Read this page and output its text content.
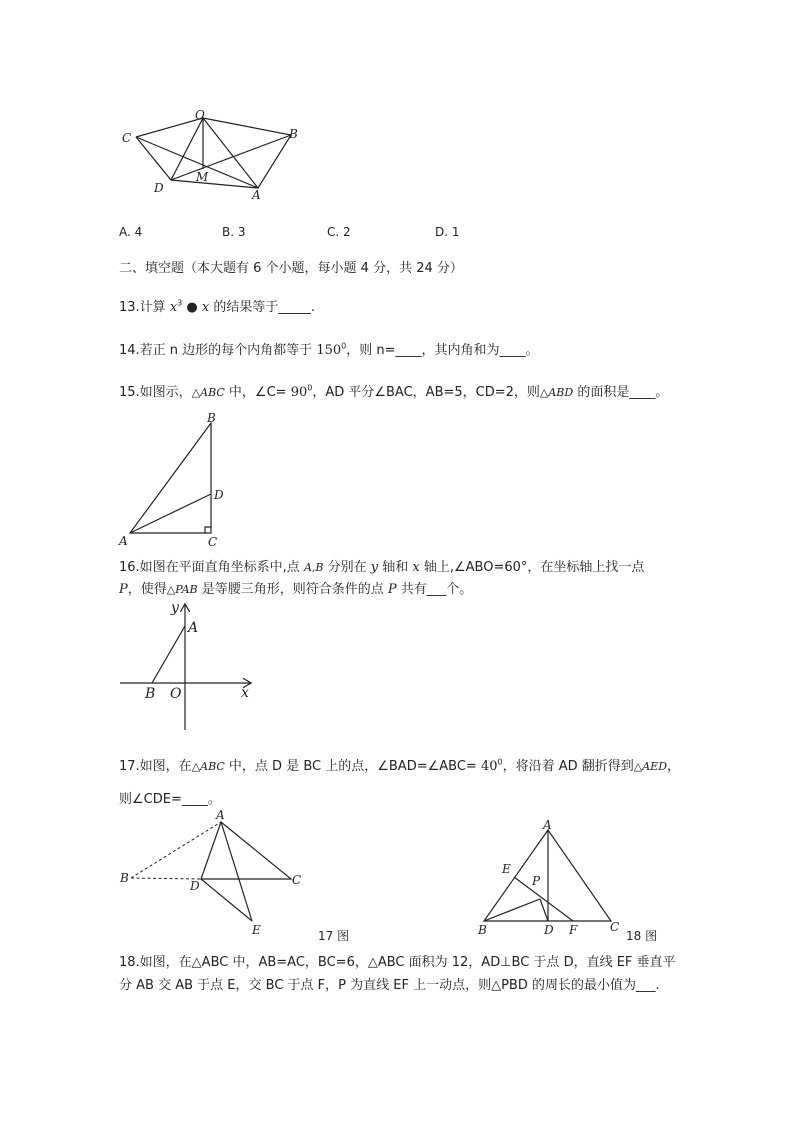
O
B
C
D
M
A
A. 4	B. 3	C. 2	D. 1
二、填空题（本大题有 6 个小题，每小题 4 分，共 24 分）
13.计算 $x^3$ ● x 的结果等于_____.
14.若正 n 边形的每个内角都等于 $150^0$，则 n=____，其内角和为____。
15.如图示，△ABC 中，∠C= $90^0$，AD 平分∠BAC，AB=5，CD=2，则△ABD 的面积是____。
B
D
A	C
16.如图在平面直角坐标系中,点 A,B 分别在 y 轴和 x 轴上,∠ABO=60°，在坐标轴上找一点
P，使得△PAB 是等腰三角形，则符合条件的点 P 共有___个。
y
A
B O	x
17.如图，在△ABC 中，点 D 是 BC 上的点，∠BAD=∠ABC= $40^0$，将沿着 AD 翻折得到△AED，
则∠CDE=____。
A
B
D	C
E	17 图
A
E
P
B	D F	C
18 图
18.如图，在△ABC 中，AB=AC，BC=6，△ABC 面积为 12，AD⊥BC 于点 D，直线 EF 垂直平
分 AB 交 AB 于点 E，交 BC 于点 F，P 为直线 EF 上一动点，则△PBD 的周长的最小值为___.
